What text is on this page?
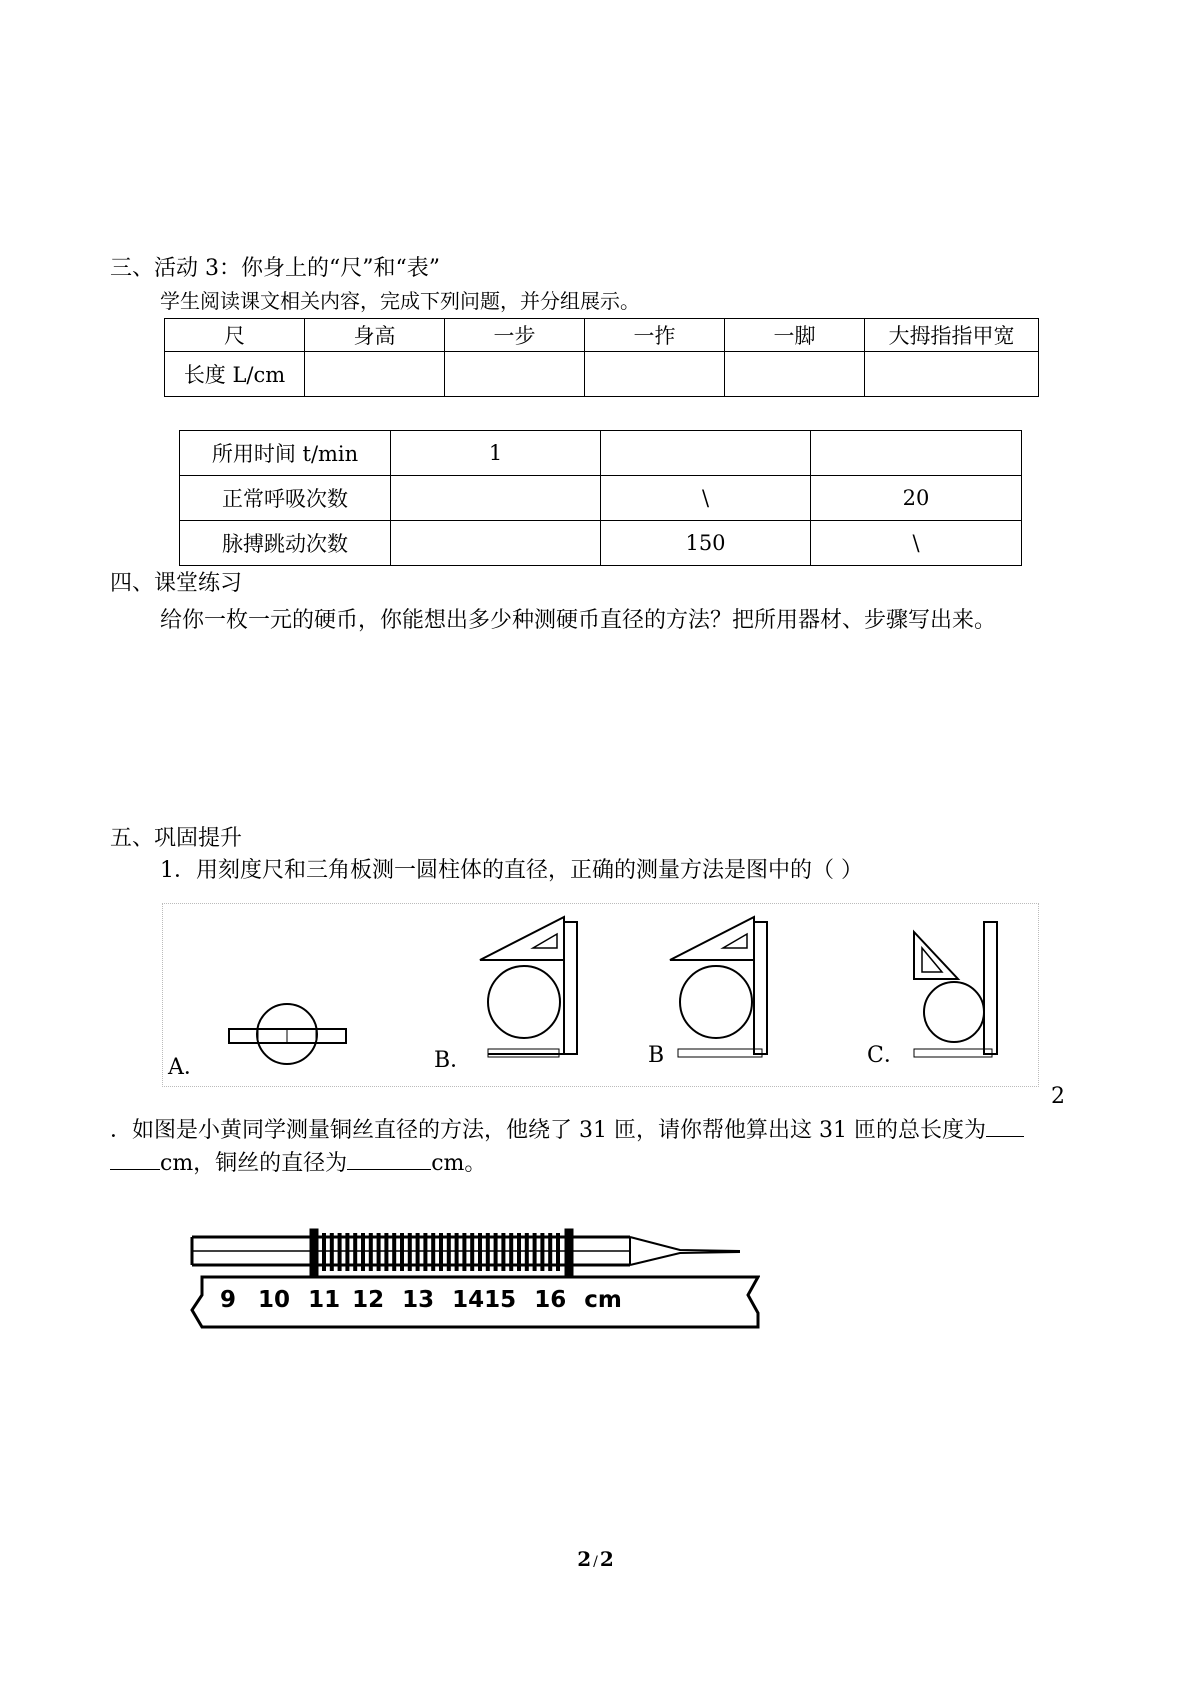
三、活动 3：你身上的“尺”和“表”
学生阅读课文相关内容，完成下列问题，并分组展示。
尺	身高	一步	一拃	一脚	大拇指指甲宽
长度 L/cm					
所用时间 t/min	1		
正常呼吸次数		\	20
脉搏跳动次数		150	\
四、课堂练习
给你一枚一元的硬币，你能想出多少种测硬币直径的方法？把所用器材、步骤写出来。
五、巩固提升
1．用刻度尺和三角板测一圆柱体的直径，正确的测量方法是图中的（ ）
A．	B．	B	C．
2
．如图是小黄同学测量铜丝直径的方法，他绕了 31 匝，请你帮他算出这 31 匝的总长度为
cm，铜丝的直径为	cm。
9 10 11 12 13 1415 16 cm
2 / 2
